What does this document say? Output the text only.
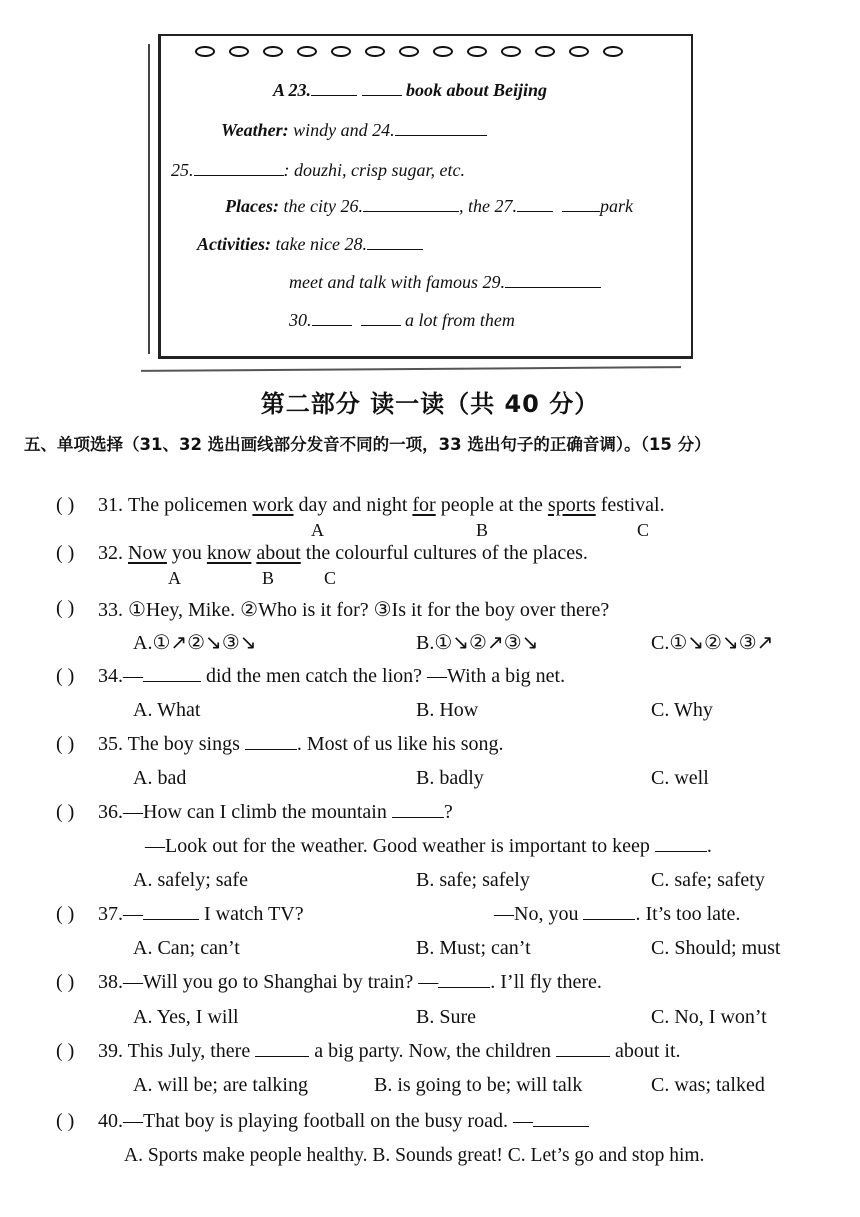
A 23.	book about Beijing
Weather: windy and 24.
25.	: douzhi, crisp sugar, etc.
Places: the city 26.	, the 27.	park
Activities: take nice 28.
meet and talk with famous 29.
30.	a lot from them
第二部分 读一读（共 40 分）
五、单项选择（31、32 选出画线部分发音不同的一项，33 选出句子的正确音调）。（15 分）
( ) 31. The policemen work day and night for people at the sports festival.
A	B	C
( ) 32. Now you know about the colourful cultures of the places.
A	B	C
( ) 33. ①Hey, Mike. ②Who is it for? ③Is it for the boy over there?
A.①↗②↘③↘	B.①↘②↗③↘	C.①↘②↘③↗
( ) 34.—	did the men catch the lion? —With a big net.
A. What	B. How	C. Why
( ) 35. The boy sings	. Most of us like his song.
A. bad	B. badly	C. well
( ) 36.—How can I climb the mountain	?
—Look out for the weather. Good weather is important to keep	.
A. safely; safe	B. safe; safely	C. safe; safety
( ) 37.—	I watch TV?	—No, you	. It’s too late.
A. Can; can’t	B. Must; can’t	C. Should; must
( ) 38.—Will you go to Shanghai by train? —	. I’ll fly there.
A. Yes, I will	B. Sure	C. No, I won’t
( ) 39. This July, there	a big party. Now, the children	about it.
A. will be; are talking	B. is going to be; will talk	C. was; talked
( ) 40.—That boy is playing football on the busy road. —
A. Sports make people healthy. B. Sounds great! C. Let’s go and stop him.
